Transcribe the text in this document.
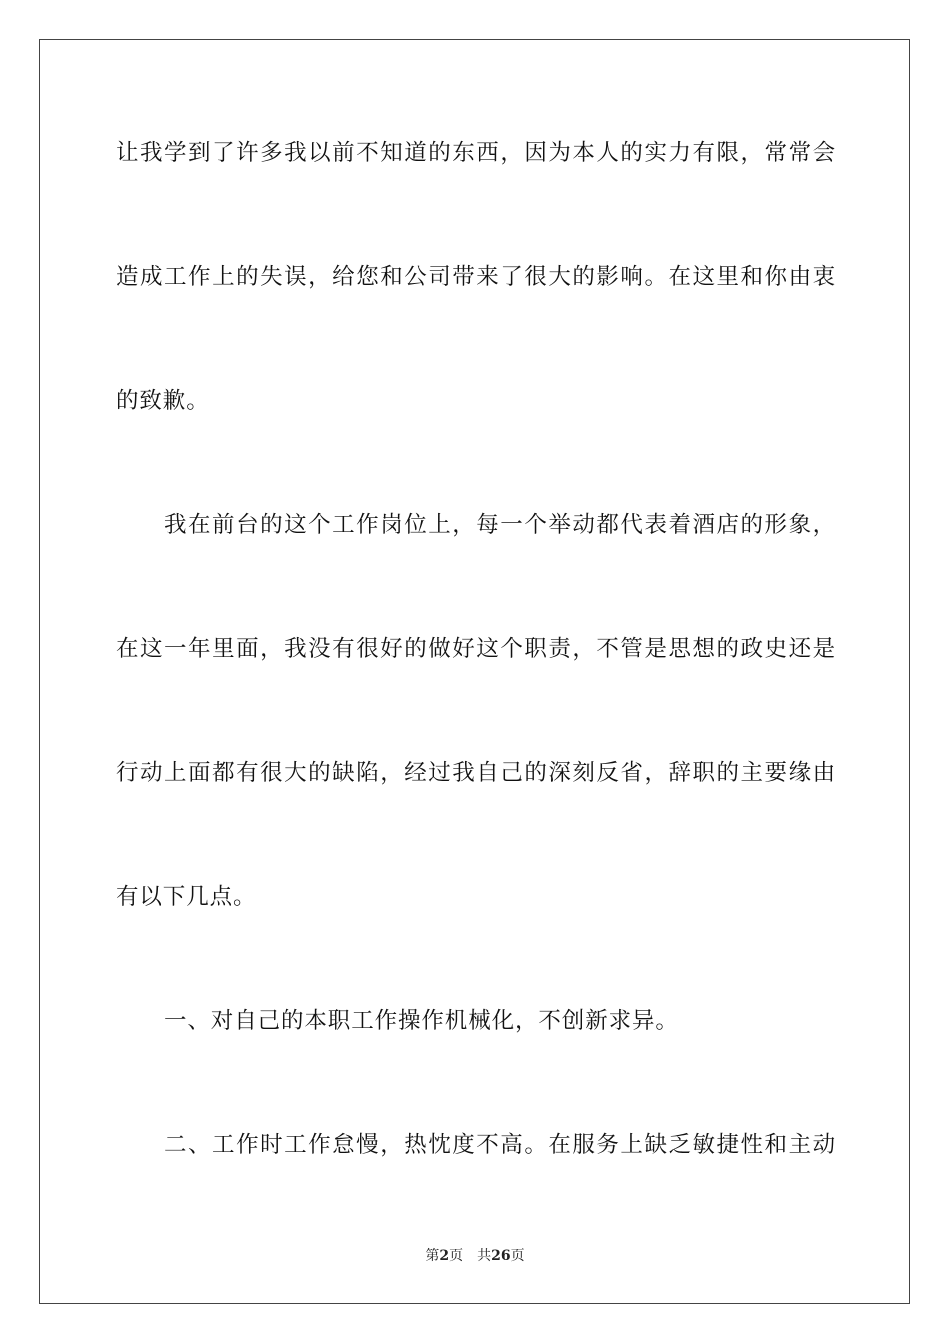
让我学到了许多我以前不知道的东西，因为本人的实力有限，常常会
造成工作上的失误，给您和公司带来了很大的影响。在这里和你由衷
的致歉。
我在前台的这个工作岗位上，每一个举动都代表着酒店的形象，
在这一年里面，我没有很好的做好这个职责，不管是思想的政史还是
行动上面都有很大的缺陷，经过我自己的深刻反省，辞职的主要缘由
有以下几点。
一、对自己的本职工作操作机械化，不创新求异。
二、工作时工作怠慢，热忱度不高。在服务上缺乏敏捷性和主动
第2页 共26页
